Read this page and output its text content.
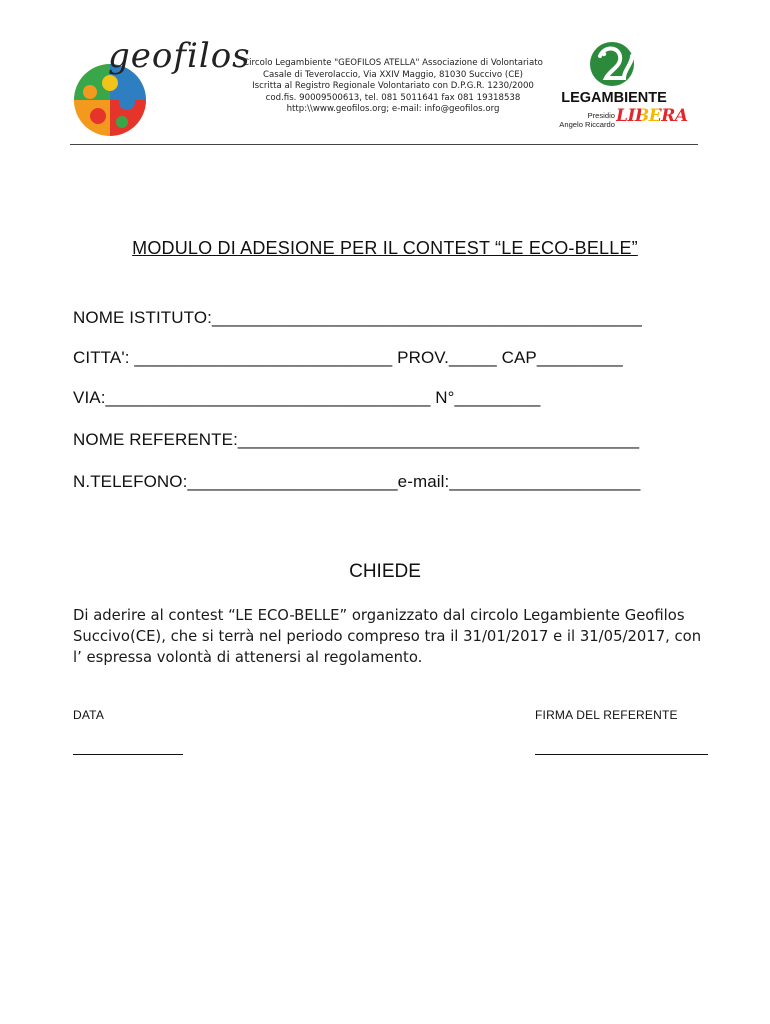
geofilos
Circolo Legambiente "GEOFILOS ATELLA" Associazione di Volontariato
Casale di Teverolaccio, Via XXIV Maggio, 81030 Succivo (CE)
Iscritta al Registro Regionale Volontariato con D.P.G.R. 1230/2000
cod.fis. 90009500613, tel. 081 5011641 fax 081 19318538
http:\\www.geofilos.org; e-mail: info@geofilos.org
LEGAMBIENTE
Presidio
Angelo Riccardo LIBERA
MODULO DI ADESIONE PER IL CONTEST “LE ECO-BELLE”
NOME ISTITUTO:_____________________________________________
CITTA': ___________________________ PROV._____ CAP_________
VIA:__________________________________ N°_________
NOME REFERENTE:__________________________________________
N.TELEFONO:______________________e-mail:____________________
CHIEDE
Di aderire al contest “LE ECO-BELLE” organizzato dal circolo Legambiente Geofilos
Succivo(CE), che si terrà nel periodo compreso tra il 31/01/2017 e il 31/05/2017, con
l’ espressa volontà di attenersi al regolamento.
DATA	FIRMA DEL REFERENTE
